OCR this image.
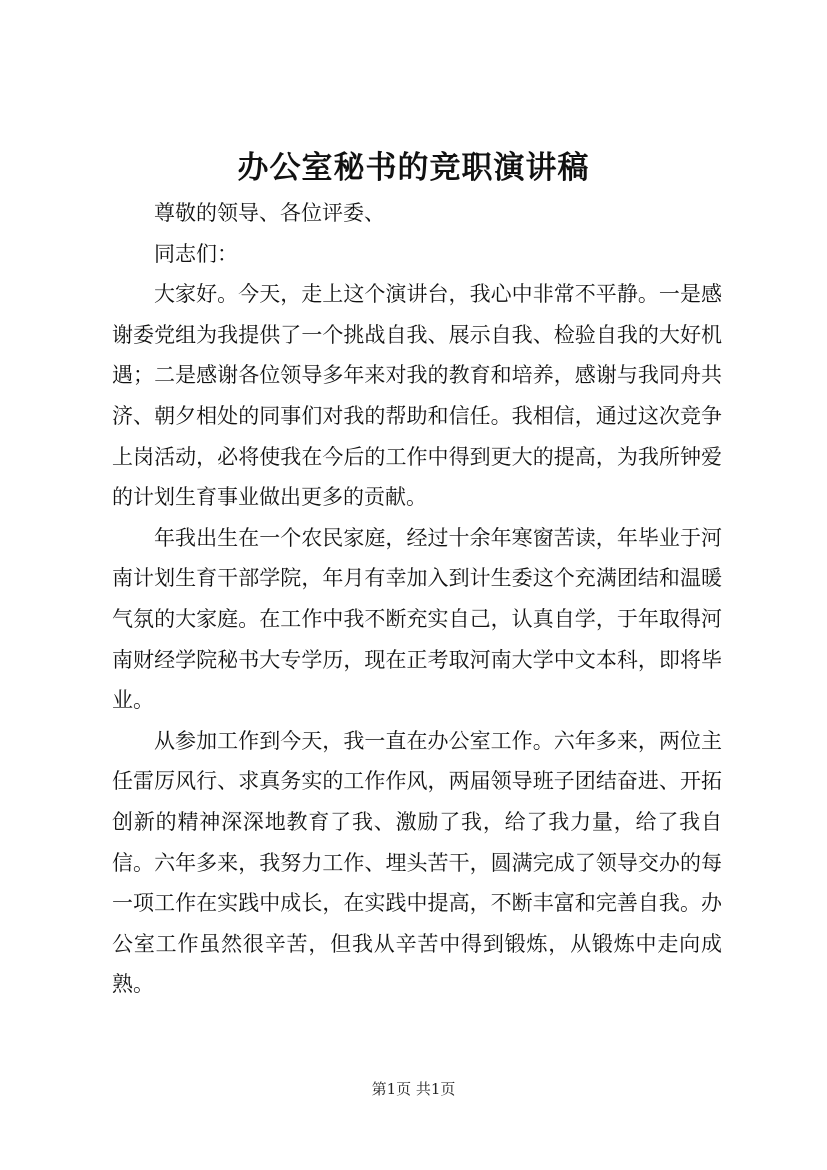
办公室秘书的竞职演讲稿

尊敬的领导、各位评委、

同志们：

大家好。今天，走上这个演讲台，我心中非常不平静。一是感谢委党组为我提供了一个挑战自我、展示自我、检验自我的大好机遇；二是感谢各位领导多年来对我的教育和培养，感谢与我同舟共济、朝夕相处的同事们对我的帮助和信任。我相信，通过这次竞争上岗活动，必将使我在今后的工作中得到更大的提高，为我所钟爱的计划生育事业做出更多的贡献。

年我出生在一个农民家庭，经过十余年寒窗苦读，年毕业于河南计划生育干部学院，年月有幸加入到计生委这个充满团结和温暖气氛的大家庭。在工作中我不断充实自己，认真自学，于年取得河南财经学院秘书大专学历，现在正考取河南大学中文本科，即将毕业。

从参加工作到今天，我一直在办公室工作。六年多来，两位主任雷厉风行、求真务实的工作作风，两届领导班子团结奋进、开拓创新的精神深深地教育了我、激励了我，给了我力量，给了我自信。六年多来，我努力工作、埋头苦干，圆满完成了领导交办的每一项工作在实践中成长，在实践中提高，不断丰富和完善自我。办公室工作虽然很辛苦，但我从辛苦中得到锻炼，从锻炼中走向成熟。

第1页 共1页
